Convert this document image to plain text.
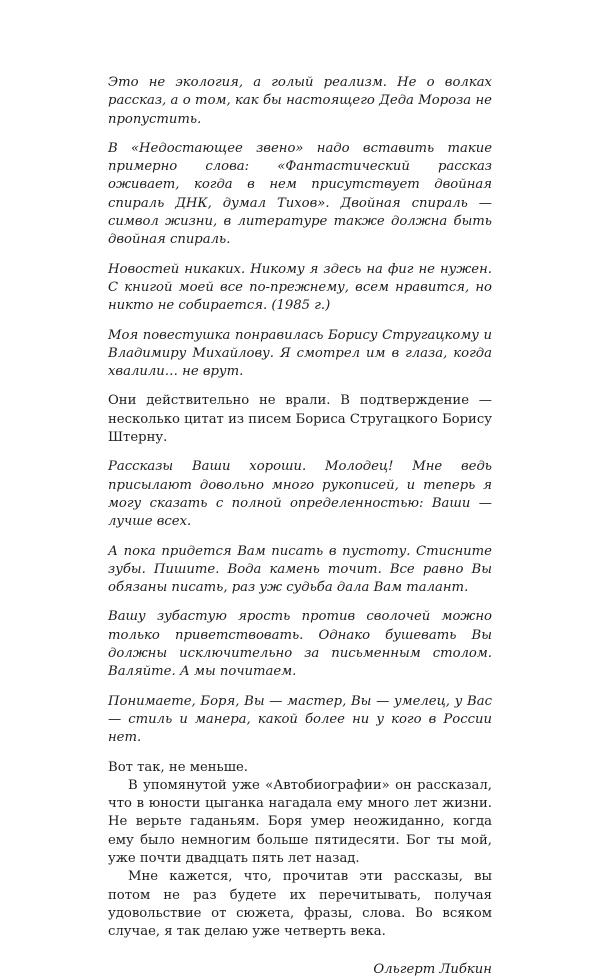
Это не экология, а голый реализм. Не о волках рассказ, а о том, как бы настоящего Деда Мороза не пропустить.

В «Недостающее звено» надо вставить такие примерно слова: «Фантастический рассказ оживает, когда в нем присутствует двойная спираль ДНК, думал Тихов». Двойная спираль — символ жизни, в литературе также должна быть двойная спираль.

Новостей никаких. Никому я здесь на фиг не нужен. С книгой моей все по-прежнему, всем нравится, но никто не собирается. (1985 г.)

Моя повестушка понравилась Борису Стругацкому и Владимиру Михайлову. Я смотрел им в глаза, когда хвалили… не врут.

Они действительно не врали. В подтверждение — несколько цитат из писем Бориса Стругацкого Борису Штерну.

Рассказы Ваши хороши. Молодец! Мне ведь присылают довольно много рукописей, и теперь я могу сказать с полной определенностью: Ваши — лучше всех.

А пока придется Вам писать в пустоту. Стисните зубы. Пишите. Вода камень точит. Все равно Вы обязаны писать, раз уж судьба дала Вам талант.

Вашу зубастую ярость против сволочей можно только приветствовать. Однако бушевать Вы должны исключительно за письменным столом. Валяйте. А мы почитаем.

Понимаете, Боря, Вы — мастер, Вы — умелец, у Вас — стиль и манера, какой более ни у кого в России нет.

Вот так, не меньше.

В упомянутой уже «Автобиографии» он рассказал, что в юности цыганка нагадала ему много лет жизни. Не верьте гаданьям. Боря умер неожиданно, когда ему было немногим больше пятидесяти. Бог ты мой, уже почти двадцать пять лет назад.

Мне кажется, что, прочитав эти рассказы, вы потом не раз будете их перечитывать, получая удовольствие от сюжета, фразы, слова. Во всяком случае, я так делаю уже четверть века.

Ольгерт Либкин
